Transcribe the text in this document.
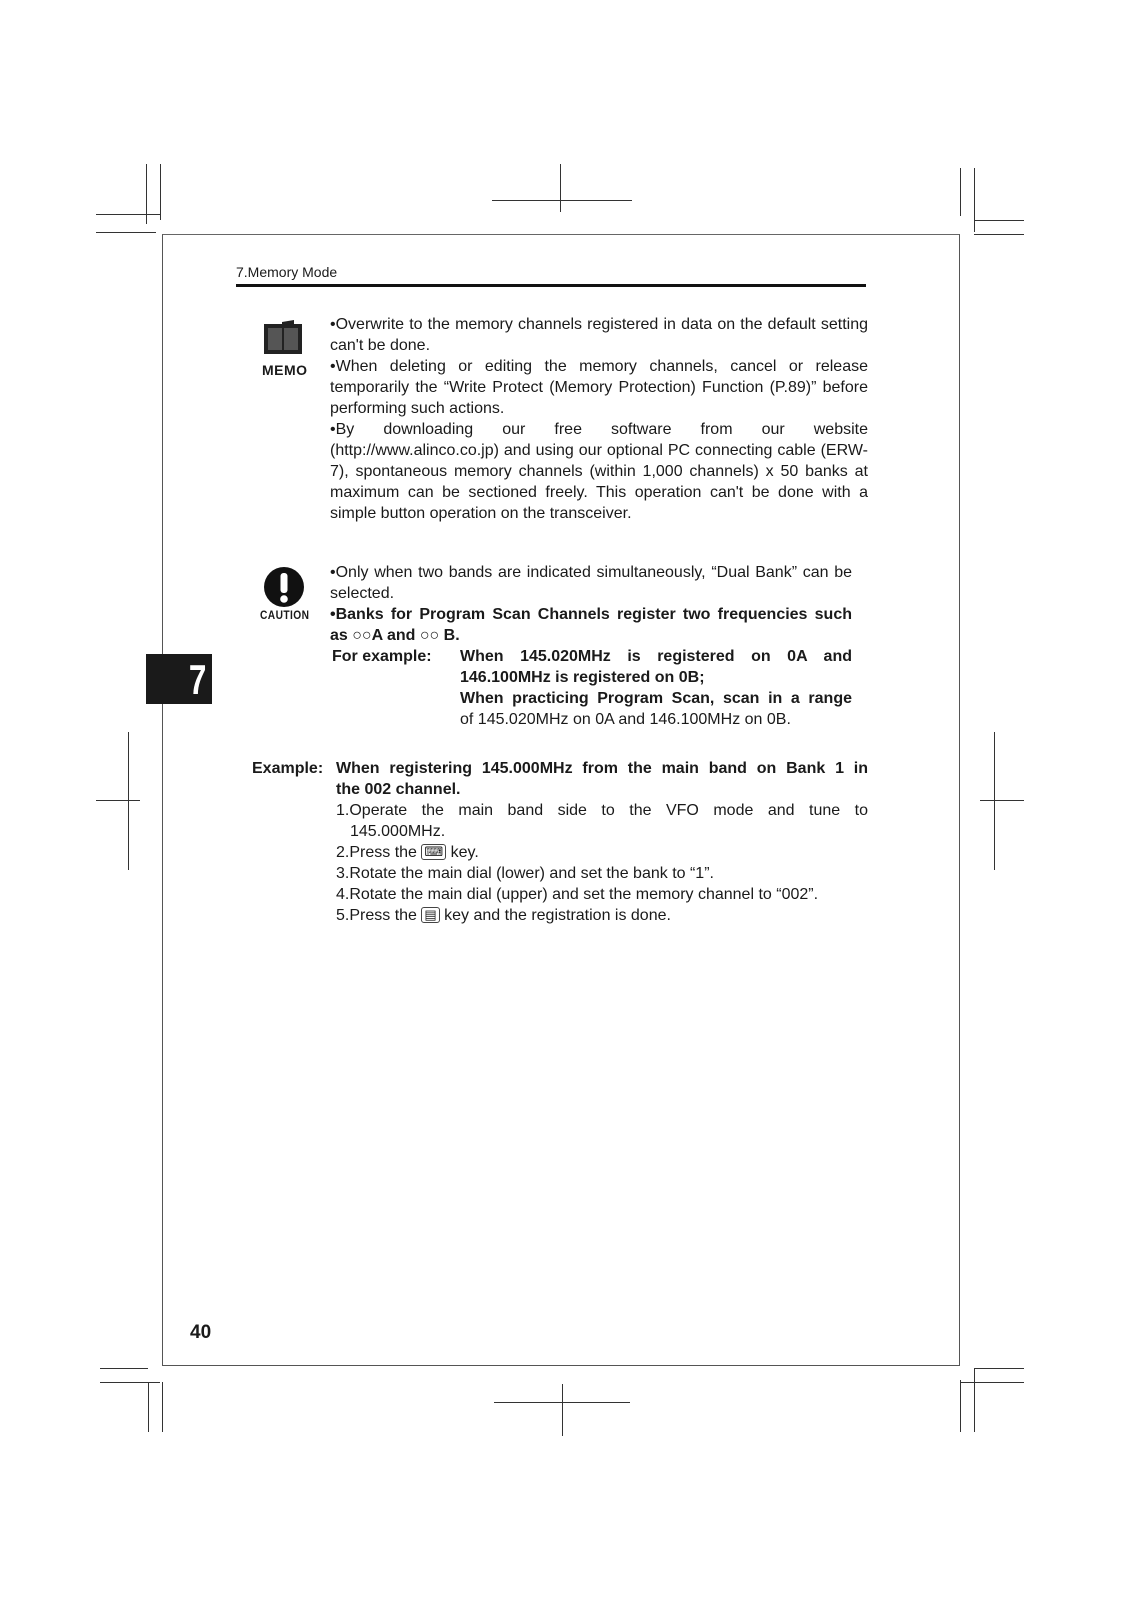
7.Memory Mode
7
MEMO
•Overwrite to the memory channels registered in data on the default setting can't be done.
•When deleting or editing the memory channels, cancel or release temporarily the “Write Protect (Memory Protection) Function (P.89)” before performing such actions.
•By downloading our free software from our website (http://www.alinco.co.jp) and using our optional PC connecting cable (ERW-7), spontaneous memory channels (within 1,000 channels) x 50 banks at maximum can be sectioned freely. This operation can't be done with a simple button operation on the transceiver.
CAUTION
•Only when two bands are indicated simultaneously, “Dual Bank” can be selected.
•Banks for Program Scan Channels register two frequencies such as ○○A and ○○ B.
For example: When 145.020MHz is registered on 0A and
146.100MHz is registered on 0B;
When practicing Program Scan, scan in a range
of 145.020MHz on 0A and 146.100MHz on 0B.
Example: When registering 145.000MHz from the main band on Bank 1 in
the 002 channel.
1.Operate the main band side to the VFO mode and tune to
145.000MHz.
2.Press the ⌨ key.
3.Rotate the main dial (lower) and set the bank to “1”.
4.Rotate the main dial (upper) and set the memory channel to “002”.
5.Press the ▤ key and the registration is done.
40
